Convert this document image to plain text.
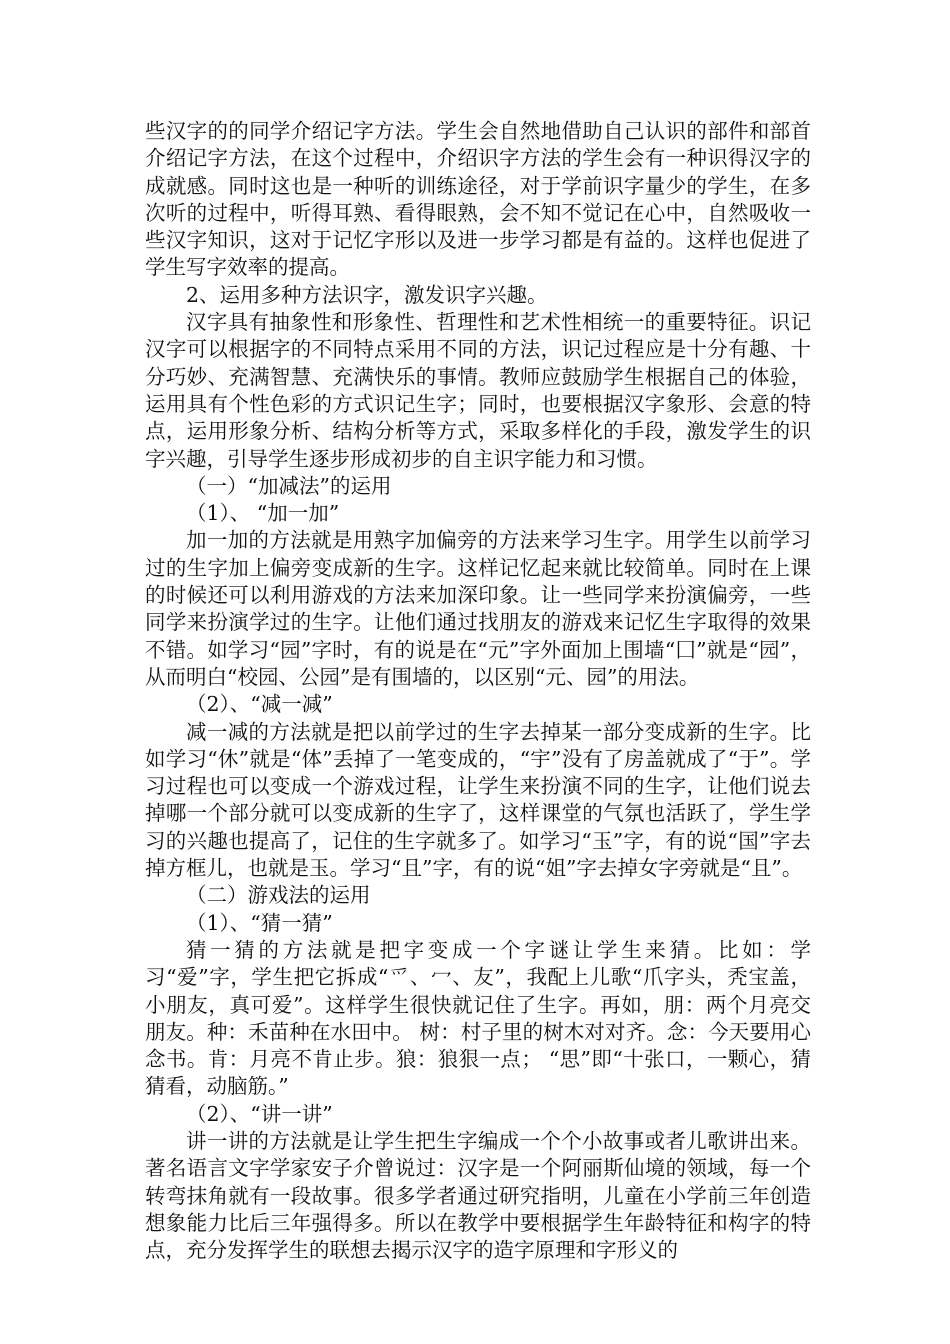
些汉字的的同学介绍记字方法。学生会自然地借助自己认识的部件和部首介绍记字方法，在这个过程中，介绍识字方法的学生会有一种识得汉字的成就感。同时这也是一种听的训练途径，对于学前识字量少的学生，在多次听的过程中，听得耳熟、看得眼熟，会不知不觉记在心中，自然吸收一些汉字知识，这对于记忆字形以及进一步学习都是有益的。这样也促进了学生写字效率的提高。

2、运用多种方法识字，激发识字兴趣。

汉字具有抽象性和形象性、哲理性和艺术性相统一的重要特征。识记汉字可以根据字的不同特点采用不同的方法，识记过程应是十分有趣、十分巧妙、充满智慧、充满快乐的事情。教师应鼓励学生根据自己的体验，运用具有个性色彩的方式识记生字；同时，也要根据汉字象形、会意的特点，运用形象分析、结构分析等方式，采取多样化的手段，激发学生的识字兴趣，引导学生逐步形成初步的自主识字能力和习惯。

（一）“加减法”的运用

（1）、 “加一加”

加一加的方法就是用熟字加偏旁的方法来学习生字。用学生以前学习过的生字加上偏旁变成新的生字。这样记忆起来就比较简单。同时在上课的时候还可以利用游戏的方法来加深印象。让一些同学来扮演偏旁，一些同学来扮演学过的生字。让他们通过找朋友的游戏来记忆生字取得的效果不错。如学习“园”字时，有的说是在“元”字外面加上围墙“囗”就是“园”，从而明白“校园、公园”是有围墙的，以区别“元、园”的用法。

（2）、“减一减”

减一减的方法就是把以前学过的生字去掉某一部分变成新的生字。比如学习“休”就是“体”丢掉了一笔变成的，“宇”没有了房盖就成了“于”。学习过程也可以变成一个游戏过程，让学生来扮演不同的生字，让他们说去掉哪一个部分就可以变成新的生字了，这样课堂的气氛也活跃了，学生学习的兴趣也提高了，记住的生字就多了。如学习“玉”字，有的说“国”字去掉方框儿，也就是玉。学习“且”字，有的说“姐”字去掉女字旁就是“且”。

（二）游戏法的运用

（1）、“猜一猜”

猜一猜的方法就是把字变成一个字谜让学生来猜。比如：学习“爱”字，学生把它拆成“爫、冖、友”，我配上儿歌“爪字头，秃宝盖，小朋友，真可爱”。这样学生很快就记住了生字。再如，朋：两个月亮交朋友。种：禾苗种在水田中。 树：村子里的树木对对齐。念：今天要用心念书。肯：月亮不肯止步。狼：狼狠一点； “思”即“十张口，一颗心，猜猜看，动脑筋。”

（2）、“讲一讲”

讲一讲的方法就是让学生把生字编成一个个小故事或者儿歌讲出来。著名语言文字学家安子介曾说过：汉字是一个阿丽斯仙境的领域，每一个转弯抹角就有一段故事。很多学者通过研究指明，儿童在小学前三年创造想象能力比后三年强得多。所以在教学中要根据学生年龄特征和构字的特点，充分发挥学生的联想去揭示汉字的造字原理和字形义的
